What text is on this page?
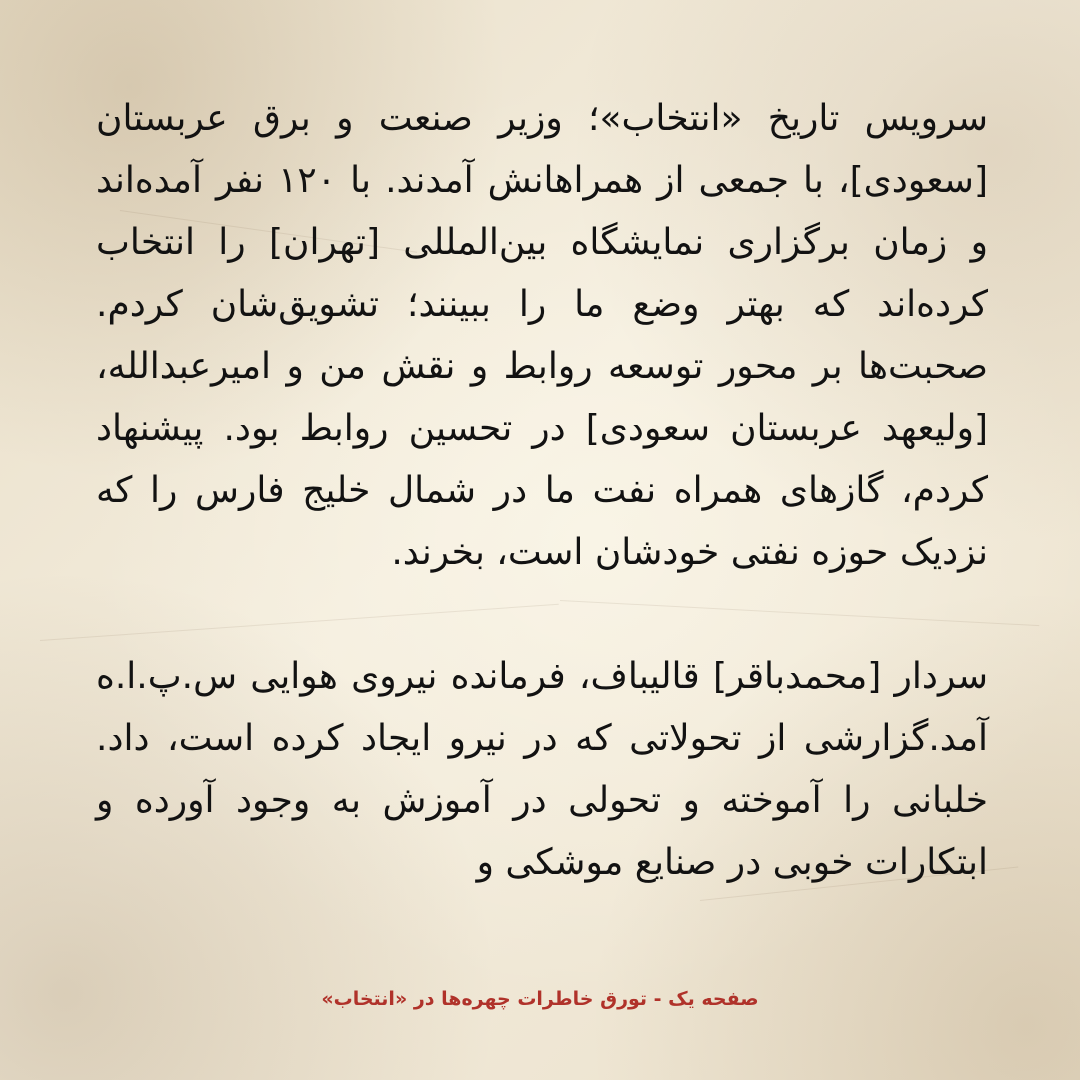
سرویس تاریخ «انتخاب»؛ وزیر صنعت و برق عربستان [سعودی]، با جمعی از همراهانش آمدند. با ۱۲۰ نفر آمده‌اند و زمان برگزاری نمایشگاه بین‌المللی [تهران] را انتخاب کرده‌اند که بهتر وضع ما را ببینند؛ تشویق‌شان کردم. صحبت‌ها بر محور توسعه روابط و نقش من و امیرعبدالله، [ولیعهد عربستان سعودی] در تحسین روابط بود. پیشنهاد کردم، گازهای همراه نفت ما در شمال خلیج فارس را که نزدیک حوزه نفتی خودشان است، بخرند.

سردار [محمدباقر] قالیباف، فرمانده نیروی هوایی س.پ.ا.ه آمد.گزارشی از تحولاتی که در نیرو ایجاد کرده است، داد. خلبانی را آموخته و تحولی در آموزش به وجود آورده و ابتکارات خوبی در صنایع موشکی و

صفحه یک - تورق خاطرات چهره‌ها در «انتخاب»
